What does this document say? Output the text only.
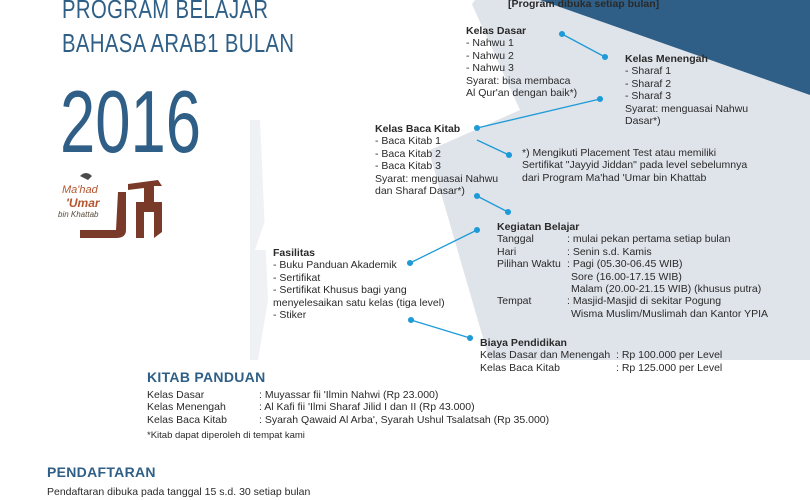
PROGRAM BELAJAR
BAHASA ARAB1 BULAN
2016
Ma'had
'Umar
bin Khattab
[Program dibuka setiap bulan]
Kelas Dasar
- Nahwu 1
- Nahwu 2
- Nahwu 3
Syarat: bisa membaca
Al Qur'an dengan baik*)
Kelas Menengah
- Sharaf 1
- Sharaf 2
- Sharaf 3
Syarat: menguasai Nahwu
Dasar*)
Kelas Baca Kitab
- Baca Kitab 1
- Baca Kitab 2
- Baca Kitab 3
Syarat: menguasai Nahwu
dan Sharaf Dasar*)
*) Mengikuti Placement Test atau memiliki
Sertifikat "Jayyid Jiddan" pada level sebelumnya
dari Program Ma'had 'Umar bin Khattab
Kegiatan Belajar
Tanggal	: mulai pekan pertama setiap bulan
Hari	: Senin s.d. Kamis
Pilihan Waktu : Pagi (05.30-06.45 WIB)
Sore (16.00-17.15 WIB)
Malam (20.00-21.15 WIB) (khusus putra)
Tempat	: Masjid-Masjid di sekitar Pogung
Wisma Muslim/Muslimah dan Kantor YPIA
Fasilitas
- Buku Panduan Akademik
- Sertifikat
- Sertifikat Khusus bagi yang
menyelesaikan satu kelas (tiga level)
- Stiker
Biaya Pendidikan
Kelas Dasar dan Menengah : Rp 100.000 per Level
Kelas Baca Kitab	: Rp 125.000 per Level
KITAB PANDUAN
Kelas Dasar	: Muyassar fii 'Ilmin Nahwi (Rp 23.000)
Kelas Menengah	: Al Kafi fii 'Ilmi Sharaf Jilid I dan II (Rp 43.000)
Kelas Baca Kitab	: Syarah Qawaid Al Arba', Syarah Ushul Tsalatsah (Rp 35.000)
*Kitab dapat diperoleh di tempat kami
PENDAFTARAN
Pendaftaran dibuka pada tanggal 15 s.d. 30 setiap bulan
